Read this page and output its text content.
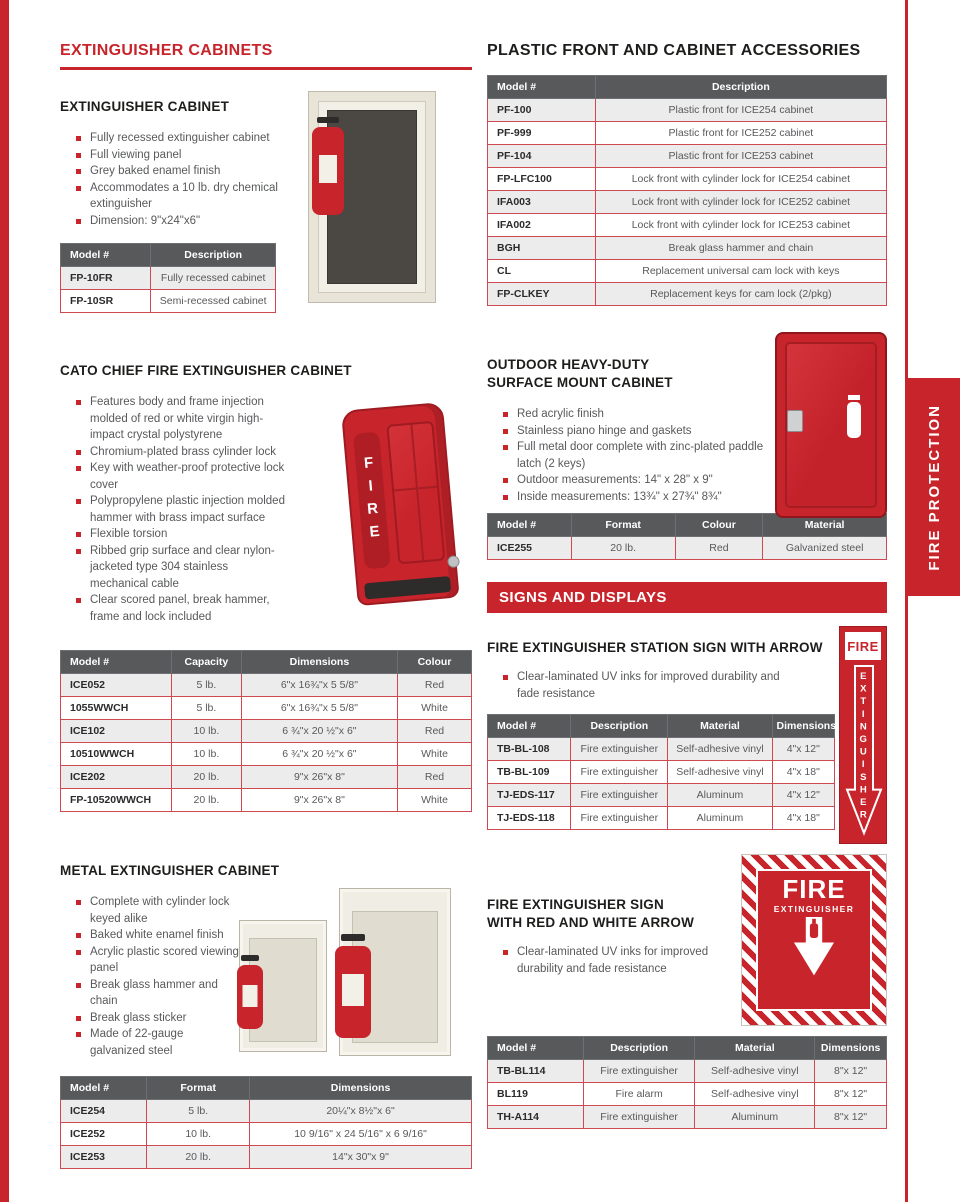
FIRE PROTECTION
EXTINGUISHER CABINETS
EXTINGUISHER CABINET
Fully recessed extinguisher cabinet
Full viewing panel
Grey baked enamel finish
Accommodates a 10 lb. dry chemical extinguisher
Dimension: 9"x24"x6"
Model #	Description
FP-10FR	Fully recessed cabinet
FP-10SR	Semi-recessed cabinet
CATO CHIEF FIRE EXTINGUISHER CABINET
Features body and frame injection molded of red or white virgin high-impact crystal polystyrene
Chromium-plated brass cylinder lock
Key with weather-proof protective lock cover
Polypropylene plastic injection molded hammer with brass impact surface
Flexible torsion
Ribbed grip surface and clear nylon-jacketed type 304 stainless mechanical cable
Clear scored panel, break hammer, frame and lock included
FIRE
Model #	Capacity	Dimensions	Colour
ICE052	5 lb.	6"x 16¾"x 5 5/8"	Red
1055WWCH	5 lb.	6"x 16¾"x 5 5/8"	White
ICE102	10 lb.	6 ¾"x 20 ½"x 6"	Red
10510WWCH	10 lb.	6 ¾"x 20 ½"x 6"	White
ICE202	20 lb.	9"x 26"x 8"	Red
FP-10520WWCH	20 lb.	9"x 26"x 8"	White
METAL EXTINGUISHER CABINET
Complete with cylinder lock keyed alike
Baked white enamel finish
Acrylic plastic scored viewing panel
Break glass hammer and chain
Break glass sticker
Made of 22-gauge galvanized steel
Model #	Format	Dimensions
ICE254	5 lb.	20¼"x 8½"x 6"
ICE252	10 lb.	10 9/16" x 24 5/16" x 6 9/16"
ICE253	20 lb.	14"x 30"x 9"
PLASTIC FRONT AND CABINET ACCESSORIES
Model #	Description
PF-100	Plastic front for ICE254 cabinet
PF-999	Plastic front for ICE252 cabinet
PF-104	Plastic front for ICE253 cabinet
FP-LFC100	Lock front with cylinder lock for ICE254 cabinet
IFA003	Lock front with cylinder lock for ICE252 cabinet
IFA002	Lock front with cylinder lock for ICE253 cabinet
BGH	Break glass hammer and chain
CL	Replacement universal cam lock with keys
FP-CLKEY	Replacement keys for cam lock (2/pkg)
OUTDOOR HEAVY-DUTY SURFACE MOUNT CABINET
Red acrylic finish
Stainless piano hinge and gaskets
Full metal door complete with zinc-plated paddle latch (2 keys)
Outdoor measurements: 14" x 28" x 9"
Inside measurements: 13¾" x 27¾" 8¾"
Model #	Format	Colour	Material
ICE255	20 lb.	Red	Galvanized steel
SIGNS AND DISPLAYS
FIRE EXTINGUISHER STATION SIGN WITH ARROW
Clear-laminated UV inks for improved durability and fade resistance
FIRE
EXTINGUISHER
Model #	Description	Material	Dimensions
TB-BL-108	Fire extinguisher	Self-adhesive vinyl	4"x 12"
TB-BL-109	Fire extinguisher	Self-adhesive vinyl	4"x 18"
TJ-EDS-117	Fire extinguisher	Aluminum	4"x 12"
TJ-EDS-118	Fire extinguisher	Aluminum	4"x 18"
FIRE EXTINGUISHER SIGN WITH RED AND WHITE ARROW
Clear-laminated UV inks for improved durability and fade resistance
FIRE
EXTINGUISHER
Model #	Description	Material	Dimensions
TB-BL114	Fire extinguisher	Self-adhesive vinyl	8"x 12"
BL119	Fire alarm	Self-adhesive vinyl	8"x 12"
TH-A114	Fire extinguisher	Aluminum	8"x 12"
